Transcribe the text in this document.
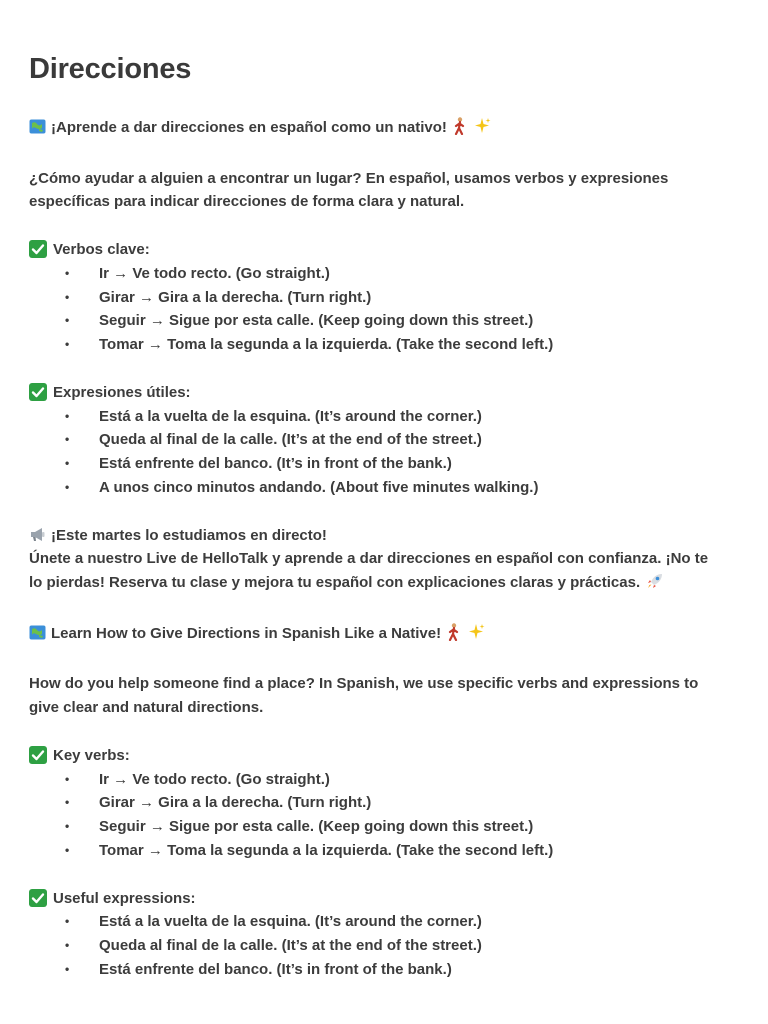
Direcciones

¡Aprende a dar direcciones en español como un nativo!

¿Cómo ayudar a alguien a encontrar un lugar? En español, usamos verbos y expresiones

específicas para indicar direcciones de forma clara y natural.

Verbos clave:

• Ir → Ve todo recto. (Go straight.)
• Girar → Gira a la derecha. (Turn right.)
• Seguir → Sigue por esta calle. (Keep going down this street.)
• Tomar → Toma la segunda a la izquierda. (Take the second left.)

Expresiones útiles:

• Está a la vuelta de la esquina. (It’s around the corner.)
• Queda al final de la calle. (It’s at the end of the street.)
• Está enfrente del banco. (It’s in front of the bank.)
• A unos cinco minutos andando. (About five minutes walking.)

¡Este martes lo estudiamos en directo!

Únete a nuestro Live de HelloTalk y aprende a dar direcciones en español con confianza. ¡No te

lo pierdas! Reserva tu clase y mejora tu español con explicaciones claras y prácticas.

Learn How to Give Directions in Spanish Like a Native!

How do you help someone find a place? In Spanish, we use specific verbs and expressions to

give clear and natural directions.

Key verbs:

• Ir → Ve todo recto. (Go straight.)
• Girar → Gira a la derecha. (Turn right.)
• Seguir → Sigue por esta calle. (Keep going down this street.)
• Tomar → Toma la segunda a la izquierda. (Take the second left.)

Useful expressions:

• Está a la vuelta de la esquina. (It’s around the corner.)
• Queda al final de la calle. (It’s at the end of the street.)
• Está enfrente del banco. (It’s in front of the bank.)
